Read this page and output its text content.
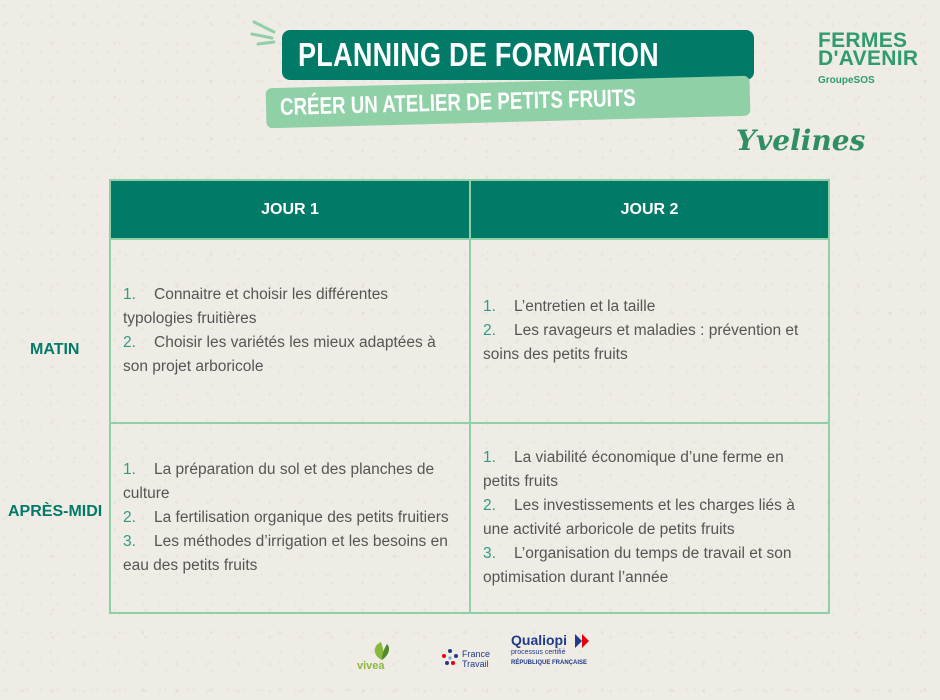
PLANNING DE FORMATION
CRÉER UN ATELIER DE PETITS FRUITS
FERMES
D'AVENIR
GroupeSOS
Yvelines
JOUR 1	JOUR 2
1. Connaitre et choisir les différentes typologies fruitières
2. Choisir les variétés les mieux adaptées à son projet arboricole
1. L’entretien et la taille
2. Les ravageurs et maladies : prévention et soins des petits fruits
1. La préparation du sol et des planches de culture
2. La fertilisation organique des petits fruitiers
3. Les méthodes d’irrigation et les besoins en eau des petits fruits
1. La viabilité économique d’une ferme en petits fruits
2. Les investissements et les charges liés à une activité arboricole de petits fruits
3. L’organisation du temps de travail et son optimisation durant l’année
MATIN
APRÈS-MIDI
vivea
France
Travail
Qualiopi
processus certifié
RÉPUBLIQUE FRANÇAISE
